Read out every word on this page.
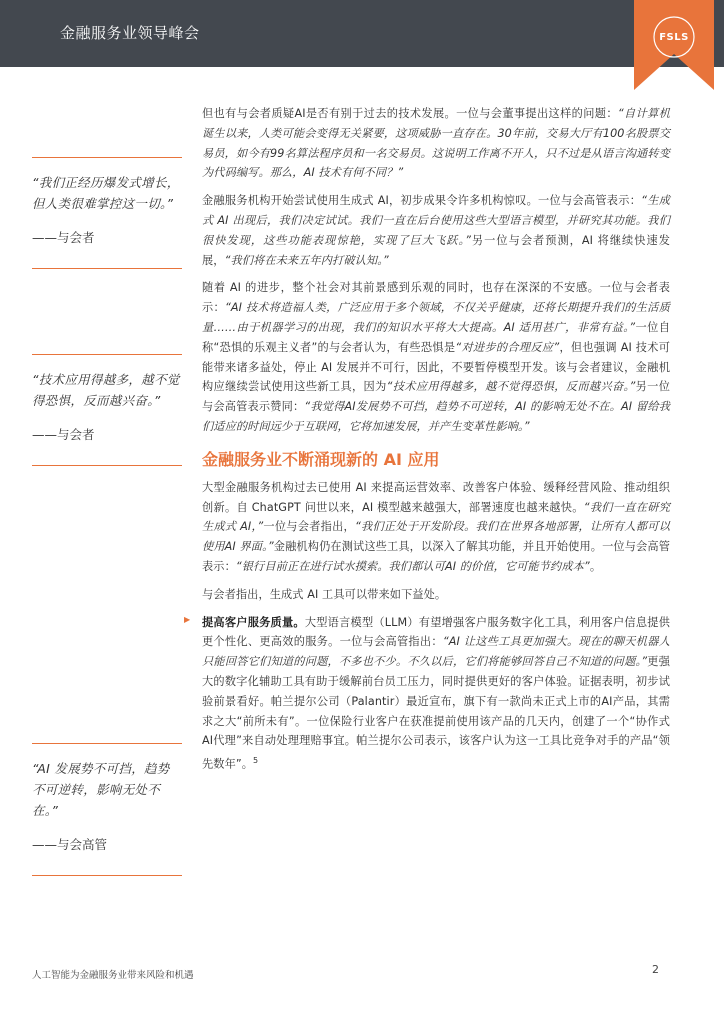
金融服务业领导峰会	FSLS
“我们正经历爆发式增长，但人类很难掌控这一切。”
——与会者
“技术应用得越多，越不觉得恐惧，反而越兴奋。”
——与会者
“AI 发展势不可挡，趋势不可逆转，影响无处不在。”
——与会高管

但也有与会者质疑AI是否有别于过去的技术发展。一位与会董事提出这样的问题：“自计算机诞生以来，人类可能会变得无关紧要，这项威胁一直存在。30年前，交易大厅有100名股票交易员，如今有99名算法程序员和一名交易员。这说明工作离不开人，只不过是从语言沟通转变为代码编写。那么，AI 技术有何不同？”

金融服务机构开始尝试使用生成式 AI，初步成果令许多机构惊叹。一位与会高管表示：“生成式 AI 出现后，我们决定试试。我们一直在后台使用这些大型语言模型，并研究其功能。我们很快发现，这些功能表现惊艳，实现了巨大飞跃。”另一位与会者预测，AI 将继续快速发展，“我们将在未来五年内打破认知。”

随着 AI 的进步，整个社会对其前景感到乐观的同时，也存在深深的不安感。一位与会者表示：“AI 技术将造福人类，广泛应用于多个领域，不仅关乎健康，还将长期提升我们的生活质量……由于机器学习的出现，我们的知识水平将大大提高。AI 适用甚广，非常有益。”一位自称“恐惧的乐观主义者”的与会者认为，有些恐惧是“对进步的合理反应”，但也强调 AI 技术可能带来诸多益处，停止 AI 发展并不可行，因此，不要暂停模型开发。该与会者建议，金融机构应继续尝试使用这些新工具，因为“技术应用得越多，越不觉得恐惧，反而越兴奋。”另一位与会高管表示赞同：“我觉得AI发展势不可挡，趋势不可逆转，AI 的影响无处不在。AI 留给我们适应的时间远少于互联网，它将加速发展，并产生变革性影响。”

金融服务业不断涌现新的 AI 应用

大型金融服务机构过去已使用 AI 来提高运营效率、改善客户体验、缓释经营风险、推动组织创新。自 ChatGPT 问世以来，AI 模型越来越强大，部署速度也越来越快。“我们一直在研究生成式 AI，”一位与会者指出，“我们正处于开发阶段。我们在世界各地部署，让所有人都可以使用AI 界面。”金融机构仍在测试这些工具，以深入了解其功能，并且开始使用。一位与会高管表示：“银行目前正在进行试水摸索。我们都认可AI 的价值，它可能节约成本”。

与会者指出，生成式 AI 工具可以带来如下益处。

▶ 提高客户服务质量。大型语言模型（LLM）有望增强客户服务数字化工具，利用客户信息提供更个性化、更高效的服务。一位与会高管指出：“AI 让这些工具更加强大。现在的聊天机器人只能回答它们知道的问题，不多也不少。不久以后，它们将能够回答自己不知道的问题。”更强大的数字化辅助工具有助于缓解前台员工压力，同时提供更好的客户体验。证据表明，初步试验前景看好。帕兰提尔公司（Palantir）最近宣布，旗下有一款尚未正式上市的AI产品，其需求之大“前所未有”。一位保险行业客户在获准提前使用该产品的几天内，创建了一个“协作式 AI代理”来自动处理理赔事宜。帕兰提尔公司表示，该客户认为这一工具比竞争对手的产品“领先数年”。$^5$

人工智能为金融服务业带来风险和机遇	2
